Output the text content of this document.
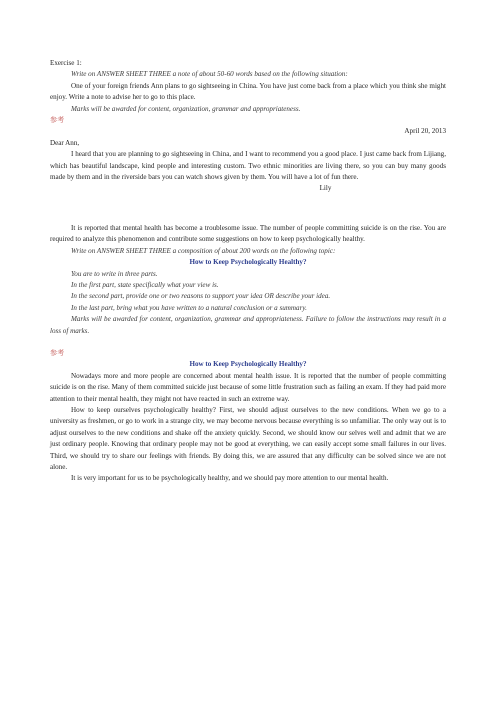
Exercise 1:

Write on ANSWER SHEET THREE a note of about 50-60 words based on the following situation:

One of your foreign friends Ann plans to go sightseeing in China. You have just come back from a place which you think she might enjoy. Write a note to advise her to go to this place.

Marks will be awarded for content, organization, grammar and appropriateness.

参考

April 20, 2013

Dear Ann,

I heard that you are planning to go sightseeing in China, and I want to recommend you a good place. I just came back from Lijiang, which has beautiful landscape, kind people and interesting custom. Two ethnic minorities are living there, so you can buy many goods made by them and in the riverside bars you can watch shows given by them. You will have a lot of fun there.

Lily

It is reported that mental health has become a troublesome issue. The number of people committing suicide is on the rise. You are required to analyze this phenomenon and contribute some suggestions on how to keep psychologically healthy.

Write on ANSWER SHEET THREE a composition of about 200 words on the following topic:

How to Keep Psychologically Healthy?

You are to write in three parts.

In the first part, state specifically what your view is.

In the second part, provide one or two reasons to support your idea OR describe your idea.

In the last part, bring what you have written to a natural conclusion or a summary.

Marks will be awarded for content, organization, grammar and appropriateness. Failure to follow the instructions may result in a loss of marks.

参考

How to Keep Psychologically Healthy?

Nowadays more and more people are concerned about mental health issue. It is reported that the number of people committing suicide is on the rise. Many of them committed suicide just because of some little frustration such as failing an exam. If they had paid more attention to their mental health, they might not have reacted in such an extreme way.

How to keep ourselves psychologically healthy? First, we should adjust ourselves to the new conditions. When we go to a university as freshmen, or go to work in a strange city, we may become nervous because everything is so unfamiliar. The only way out is to adjust ourselves to the new conditions and shake off the anxiety quickly. Second, we should know our selves well and admit that we are just ordinary people. Knowing that ordinary people may not be good at everything, we can easily accept some small failures in our lives. Third, we should try to share our feelings with friends. By doing this, we are assured that any difficulty can be solved since we are not alone.

It is very important for us to be psychologically healthy, and we should pay more attention to our mental health.
